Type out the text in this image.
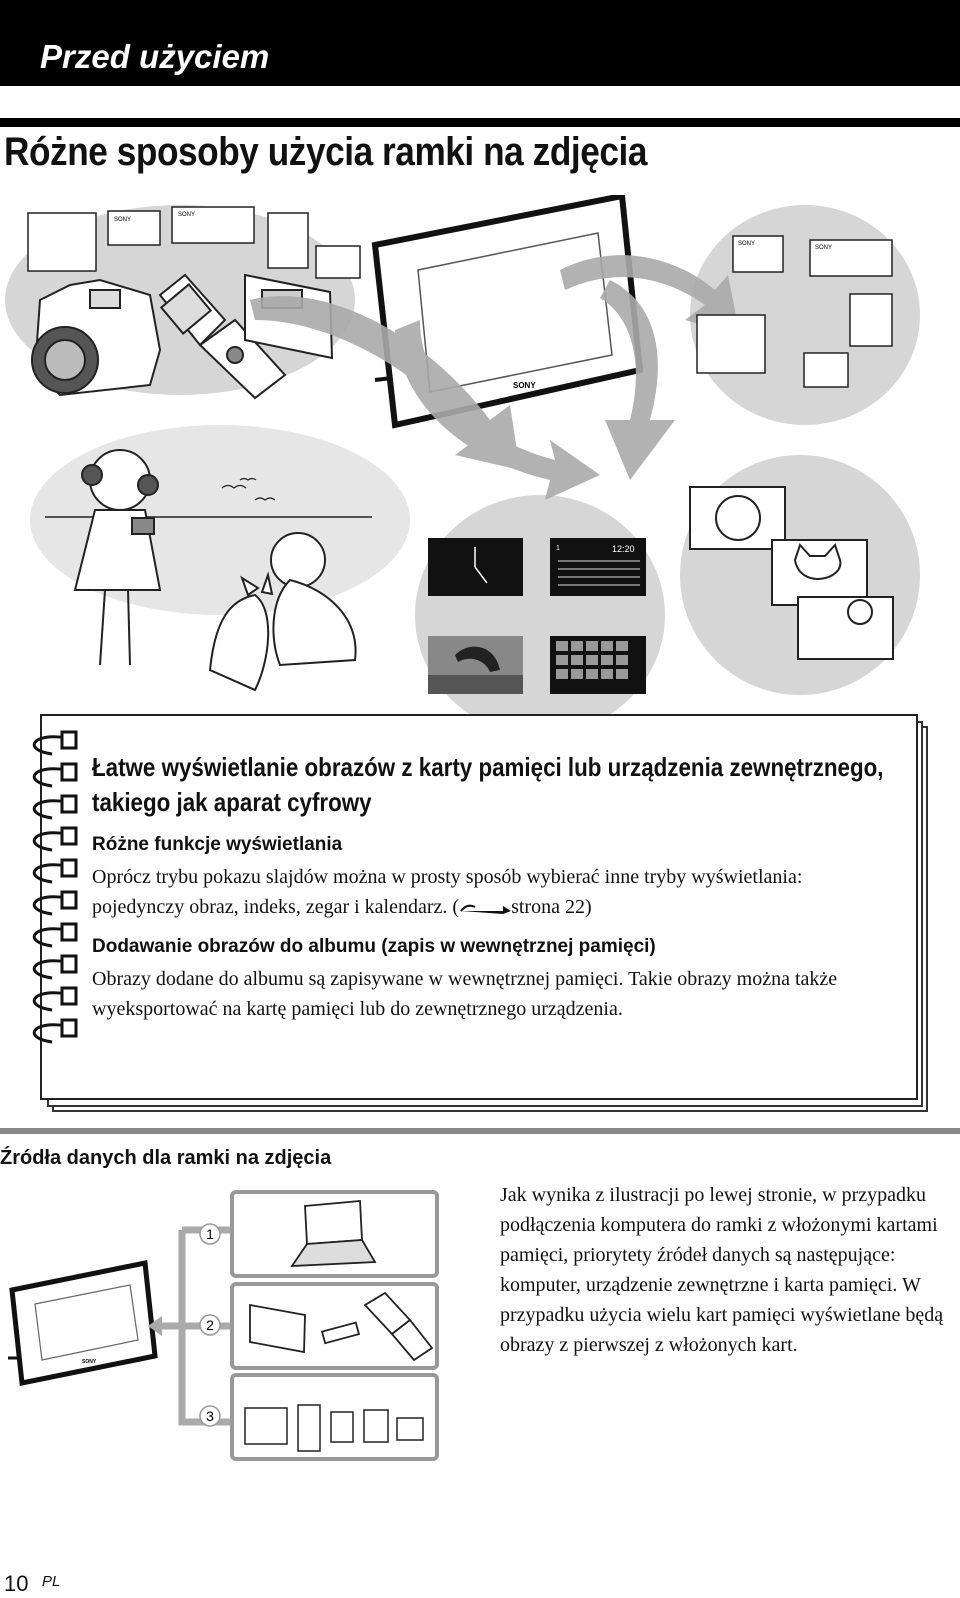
Przed użyciem
Różne sposoby użycia ramki na zdjęcia
SONY
SONY
SONY
SONY
SONY
1	12:20
Łatwe wyświetlanie obrazów z karty pamięci lub urządzenia zewnętrznego, takiego jak aparat cyfrowy
Różne funkcje wyświetlania
Oprócz trybu pokazu slajdów można w prosty sposób wybierać inne tryby wyświetlania: pojedynczy obraz, indeks, zegar i kalendarz. (	strona 22)
Dodawanie obrazów do albumu (zapis w wewnętrznej pamięci)
Obrazy dodane do albumu są zapisywane w wewnętrznej pamięci. Takie obrazy można także wyeksportować na kartę pamięci lub do zewnętrznego urządzenia.
Źródła danych dla ramki na zdjęcia
SONY
1
2
3
Jak wynika z ilustracji po lewej stronie, w przypadku podłączenia komputera do ramki z włożonymi kartami pamięci, priorytety źródeł danych są następujące: komputer, urządzenie zewnętrzne i karta pamięci. W przypadku użycia wielu kart pamięci wyświetlane będą obrazy z pierwszej z włożonych kart.
10 PL
